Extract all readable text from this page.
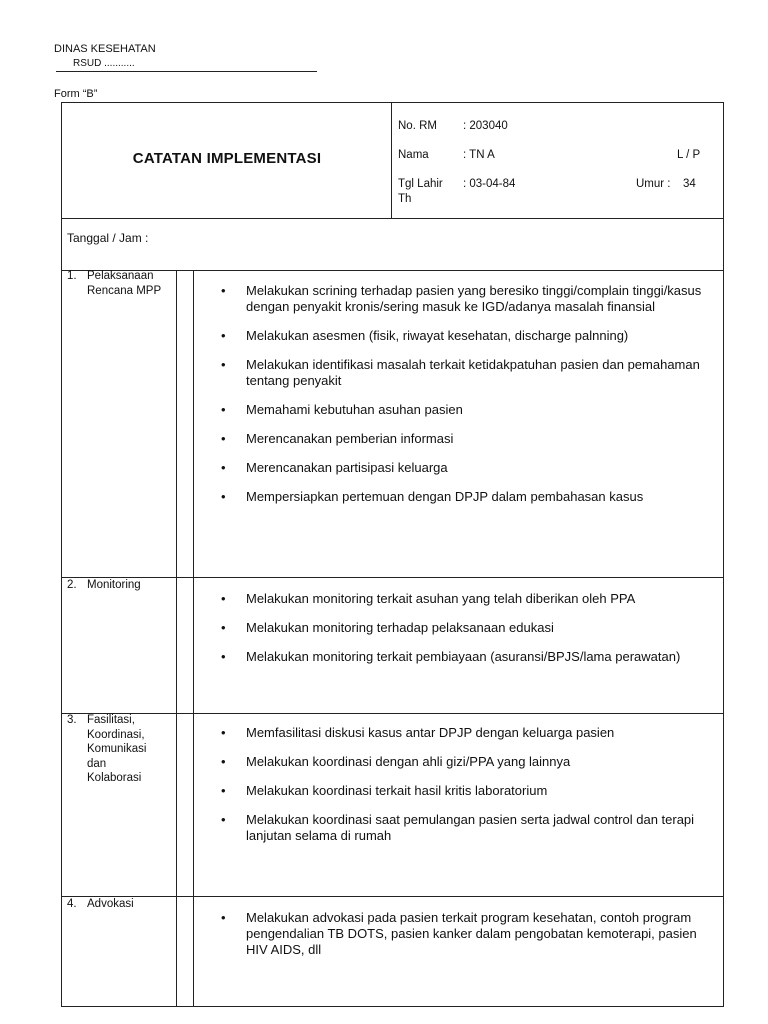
DINAS KESEHATAN
RSUD ...........
Form “B”
CATATAN IMPLEMENTASI
No. RM : 203040
Nama	: TN A	L / P
Tgl Lahir : 03-04-84	Umur : 34
Th
Tanggal / Jam :
1. Pelaksanaan Rencana MPP	• Melakukan scrining terhadap pasien yang beresiko tinggi/complain tinggi/kasus dengan penyakit kronis/sering masuk ke IGD/adanya masalah finansial
• Melakukan asesmen (fisik, riwayat kesehatan, discharge palnning)
• Melakukan identifikasi masalah terkait ketidakpatuhan pasien dan pemahaman tentang penyakit
• Memahami kebutuhan asuhan pasien
• Merencanakan pemberian informasi
• Merencanakan partisipasi keluarga
• Mempersiapkan pertemuan dengan DPJP dalam pembahasan kasus
2. Monitoring
• Melakukan monitoring terkait asuhan yang telah diberikan oleh PPA
• Melakukan monitoring terhadap pelaksanaan edukasi
• Melakukan monitoring terkait pembiayaan (asuransi/BPJS/lama perawatan)
3. Fasilitasi, Koordinasi, Komunikasi dan Kolaborasi
• Memfasilitasi diskusi kasus antar DPJP dengan keluarga pasien
• Melakukan koordinasi dengan ahli gizi/PPA yang lainnya
• Melakukan koordinasi terkait hasil kritis laboratorium
• Melakukan koordinasi saat pemulangan pasien serta jadwal control dan terapi lanjutan selama di rumah
4. Advokasi
• Melakukan advokasi pada pasien terkait program kesehatan, contoh program pengendalian TB DOTS, pasien kanker dalam pengobatan kemoterapi, pasien HIV AIDS, dll
